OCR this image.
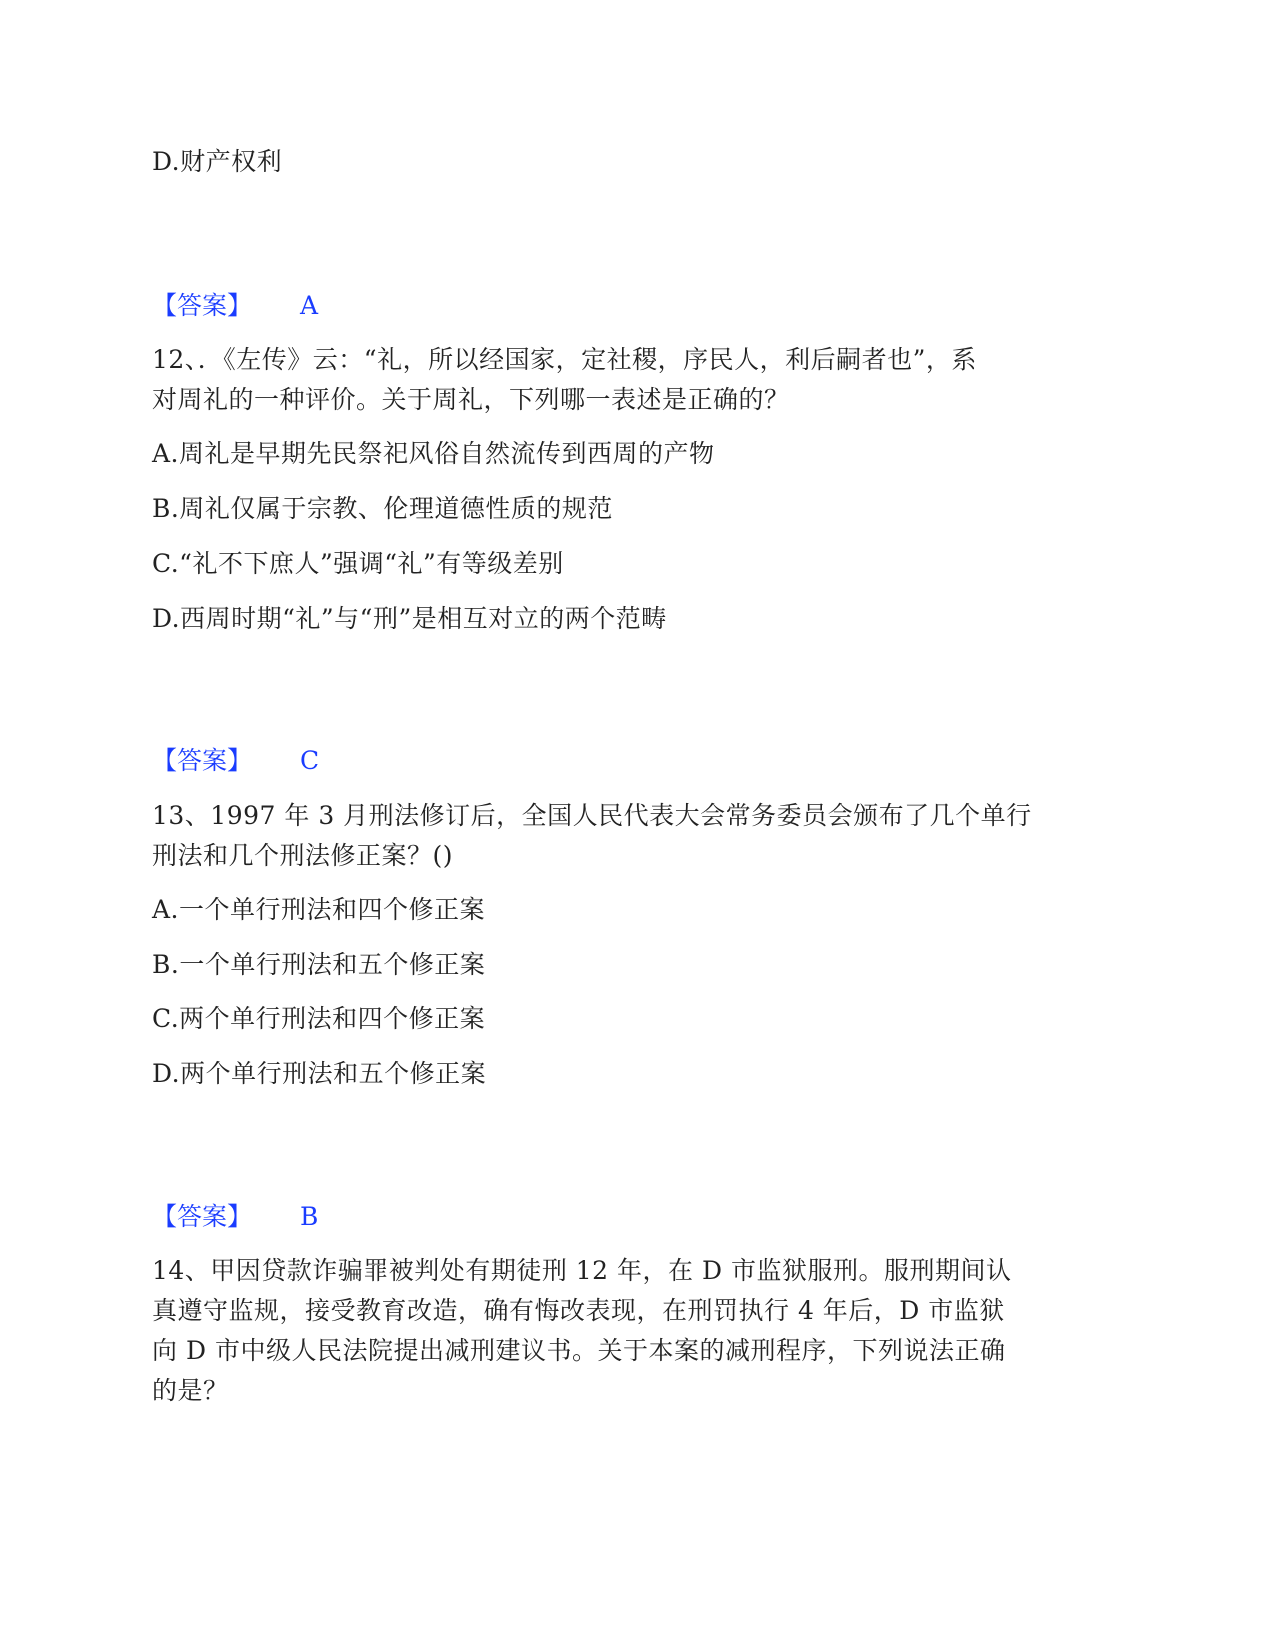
D.财产权利
【答案】 A
12、．《左传》云：“礼，所以经国家，定社稷，序民人，利后嗣者也”，系
对周礼的一种评价。关于周礼，下列哪一表述是正确的？
A.周礼是早期先民祭祀风俗自然流传到西周的产物
B.周礼仅属于宗教、伦理道德性质的规范
C.“礼不下庶人”强调“礼”有等级差别
D.西周时期“礼”与“刑”是相互对立的两个范畴
【答案】 C
13、1997 年 3 月刑法修订后，全国人民代表大会常务委员会颁布了几个单行
刑法和几个刑法修正案？()
A.一个单行刑法和四个修正案
B.一个单行刑法和五个修正案
C.两个单行刑法和四个修正案
D.两个单行刑法和五个修正案
【答案】 B
14、甲因贷款诈骗罪被判处有期徒刑 12 年，在 D 市监狱服刑。服刑期间认
真遵守监规，接受教育改造，确有悔改表现，在刑罚执行 4 年后，D 市监狱
向 D 市中级人民法院提出减刑建议书。关于本案的减刑程序，下列说法正确
的是？
